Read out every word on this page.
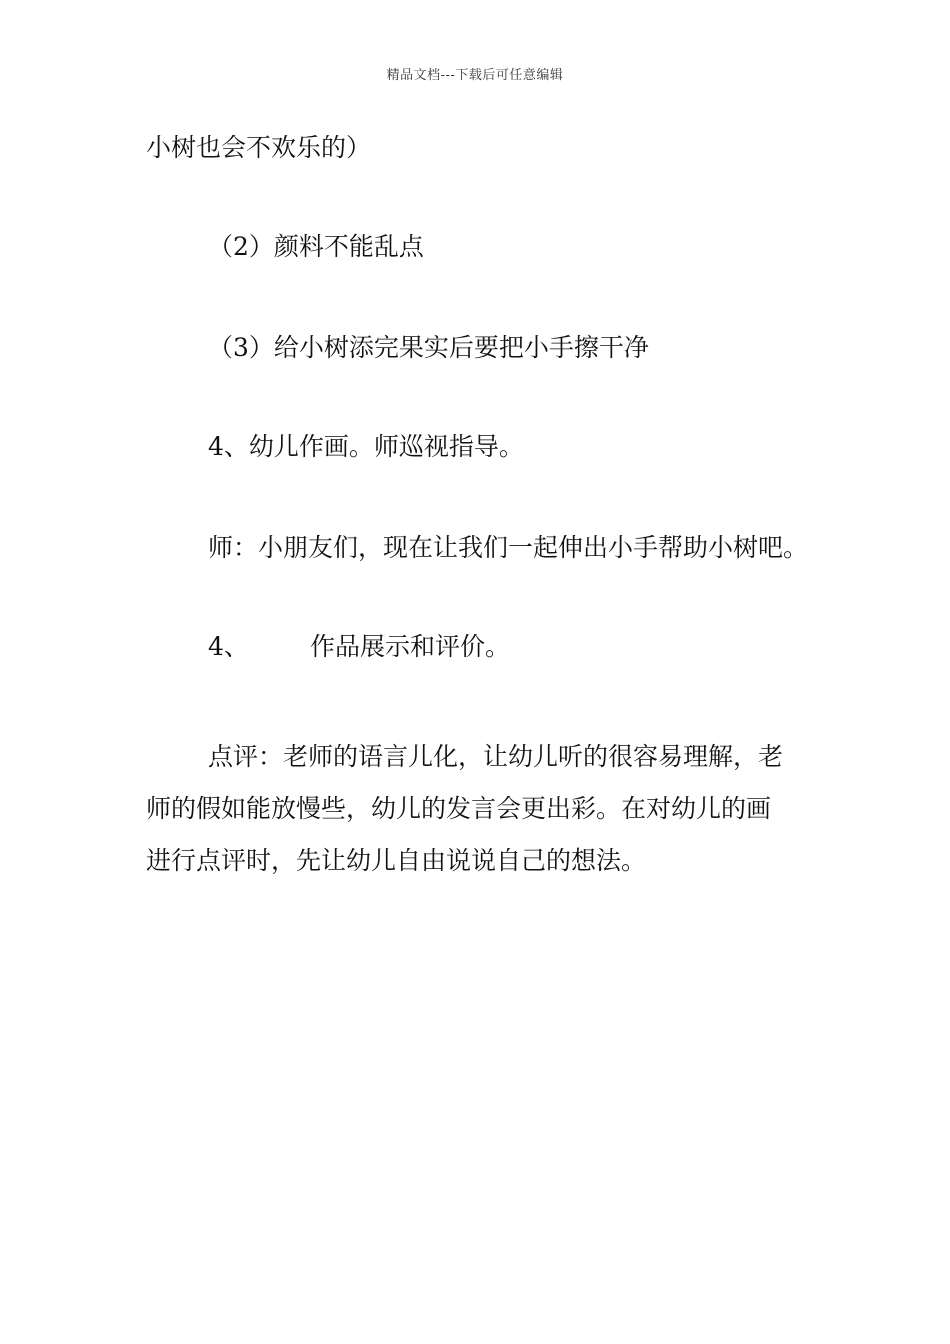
精品文档---下载后可任意编辑
小树也会不欢乐的）
（2）颜料不能乱点
（3）给小树添完果实后要把小手擦干净
4、幼儿作画。师巡视指导。
师：小朋友们，现在让我们一起伸出小手帮助小树吧。
4、 作品展示和评价。

点评：老师的语言儿化，让幼儿听的很容易理解，老

师的假如能放慢些，幼儿的发言会更出彩。在对幼儿的画

进行点评时，先让幼儿自由说说自己的想法。
